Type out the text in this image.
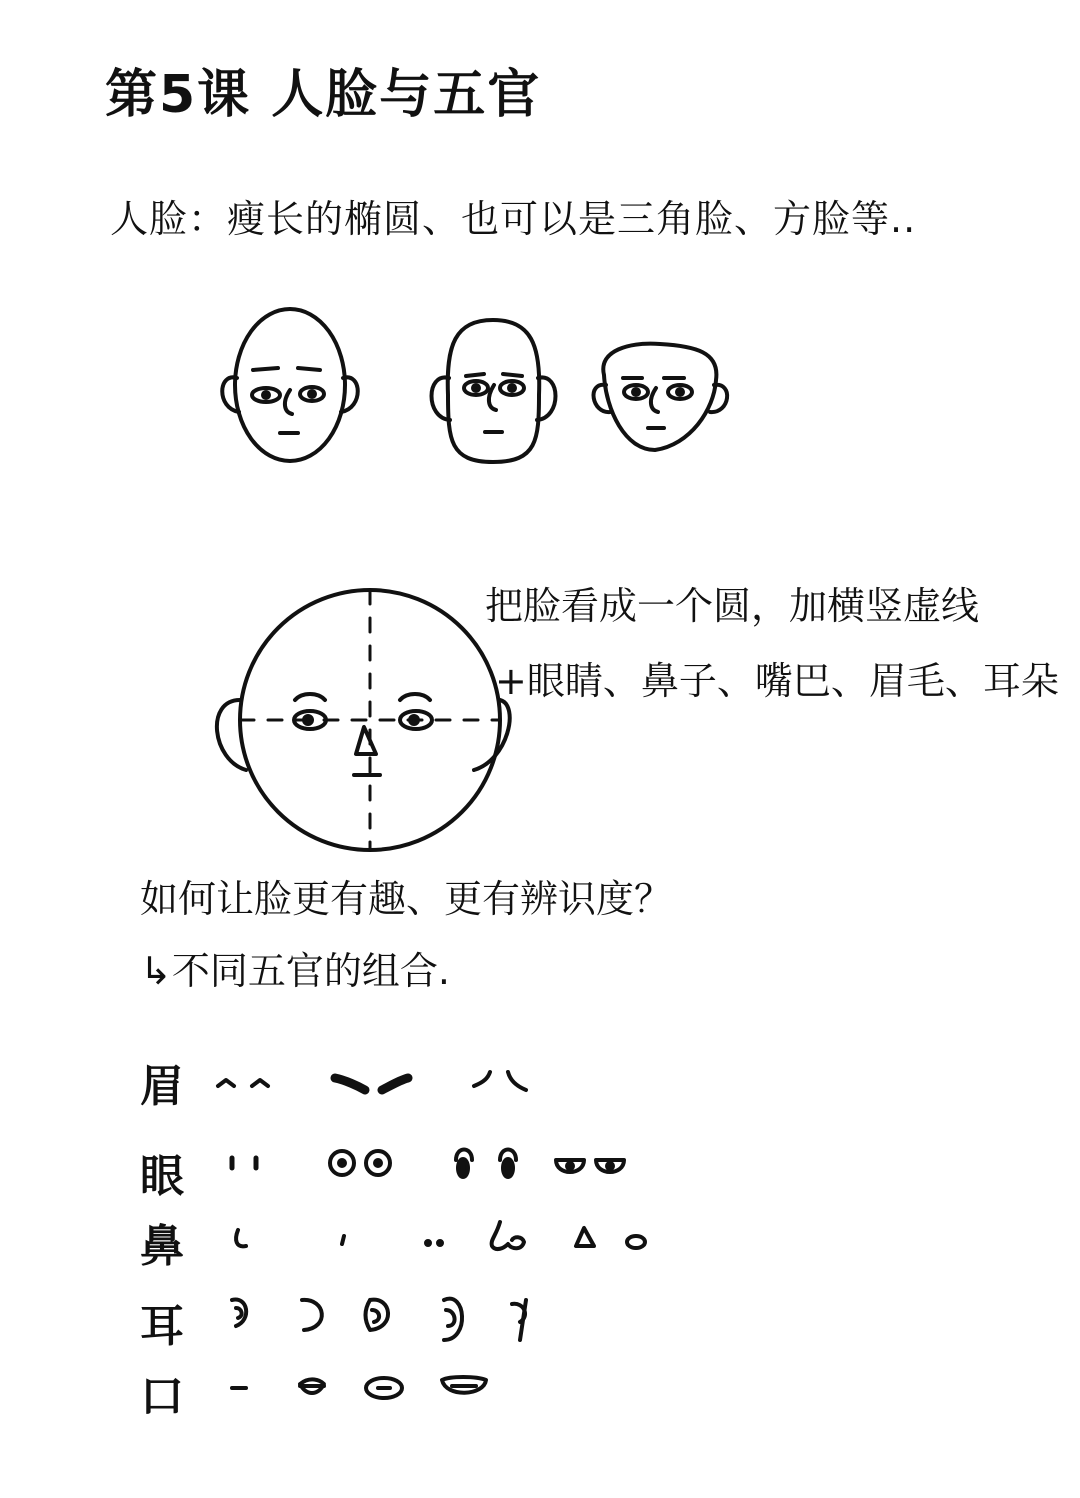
第5课 人脸与五官
人脸：瘦长的椭圆、也可以是三角脸、方脸等..
把脸看成一个圆，加横竖虚线
+眼睛、鼻子、嘴巴、眉毛、耳朵
如何让脸更有趣、更有辨识度？
↳不同五官的组合.
眉
眼
鼻
耳
口
